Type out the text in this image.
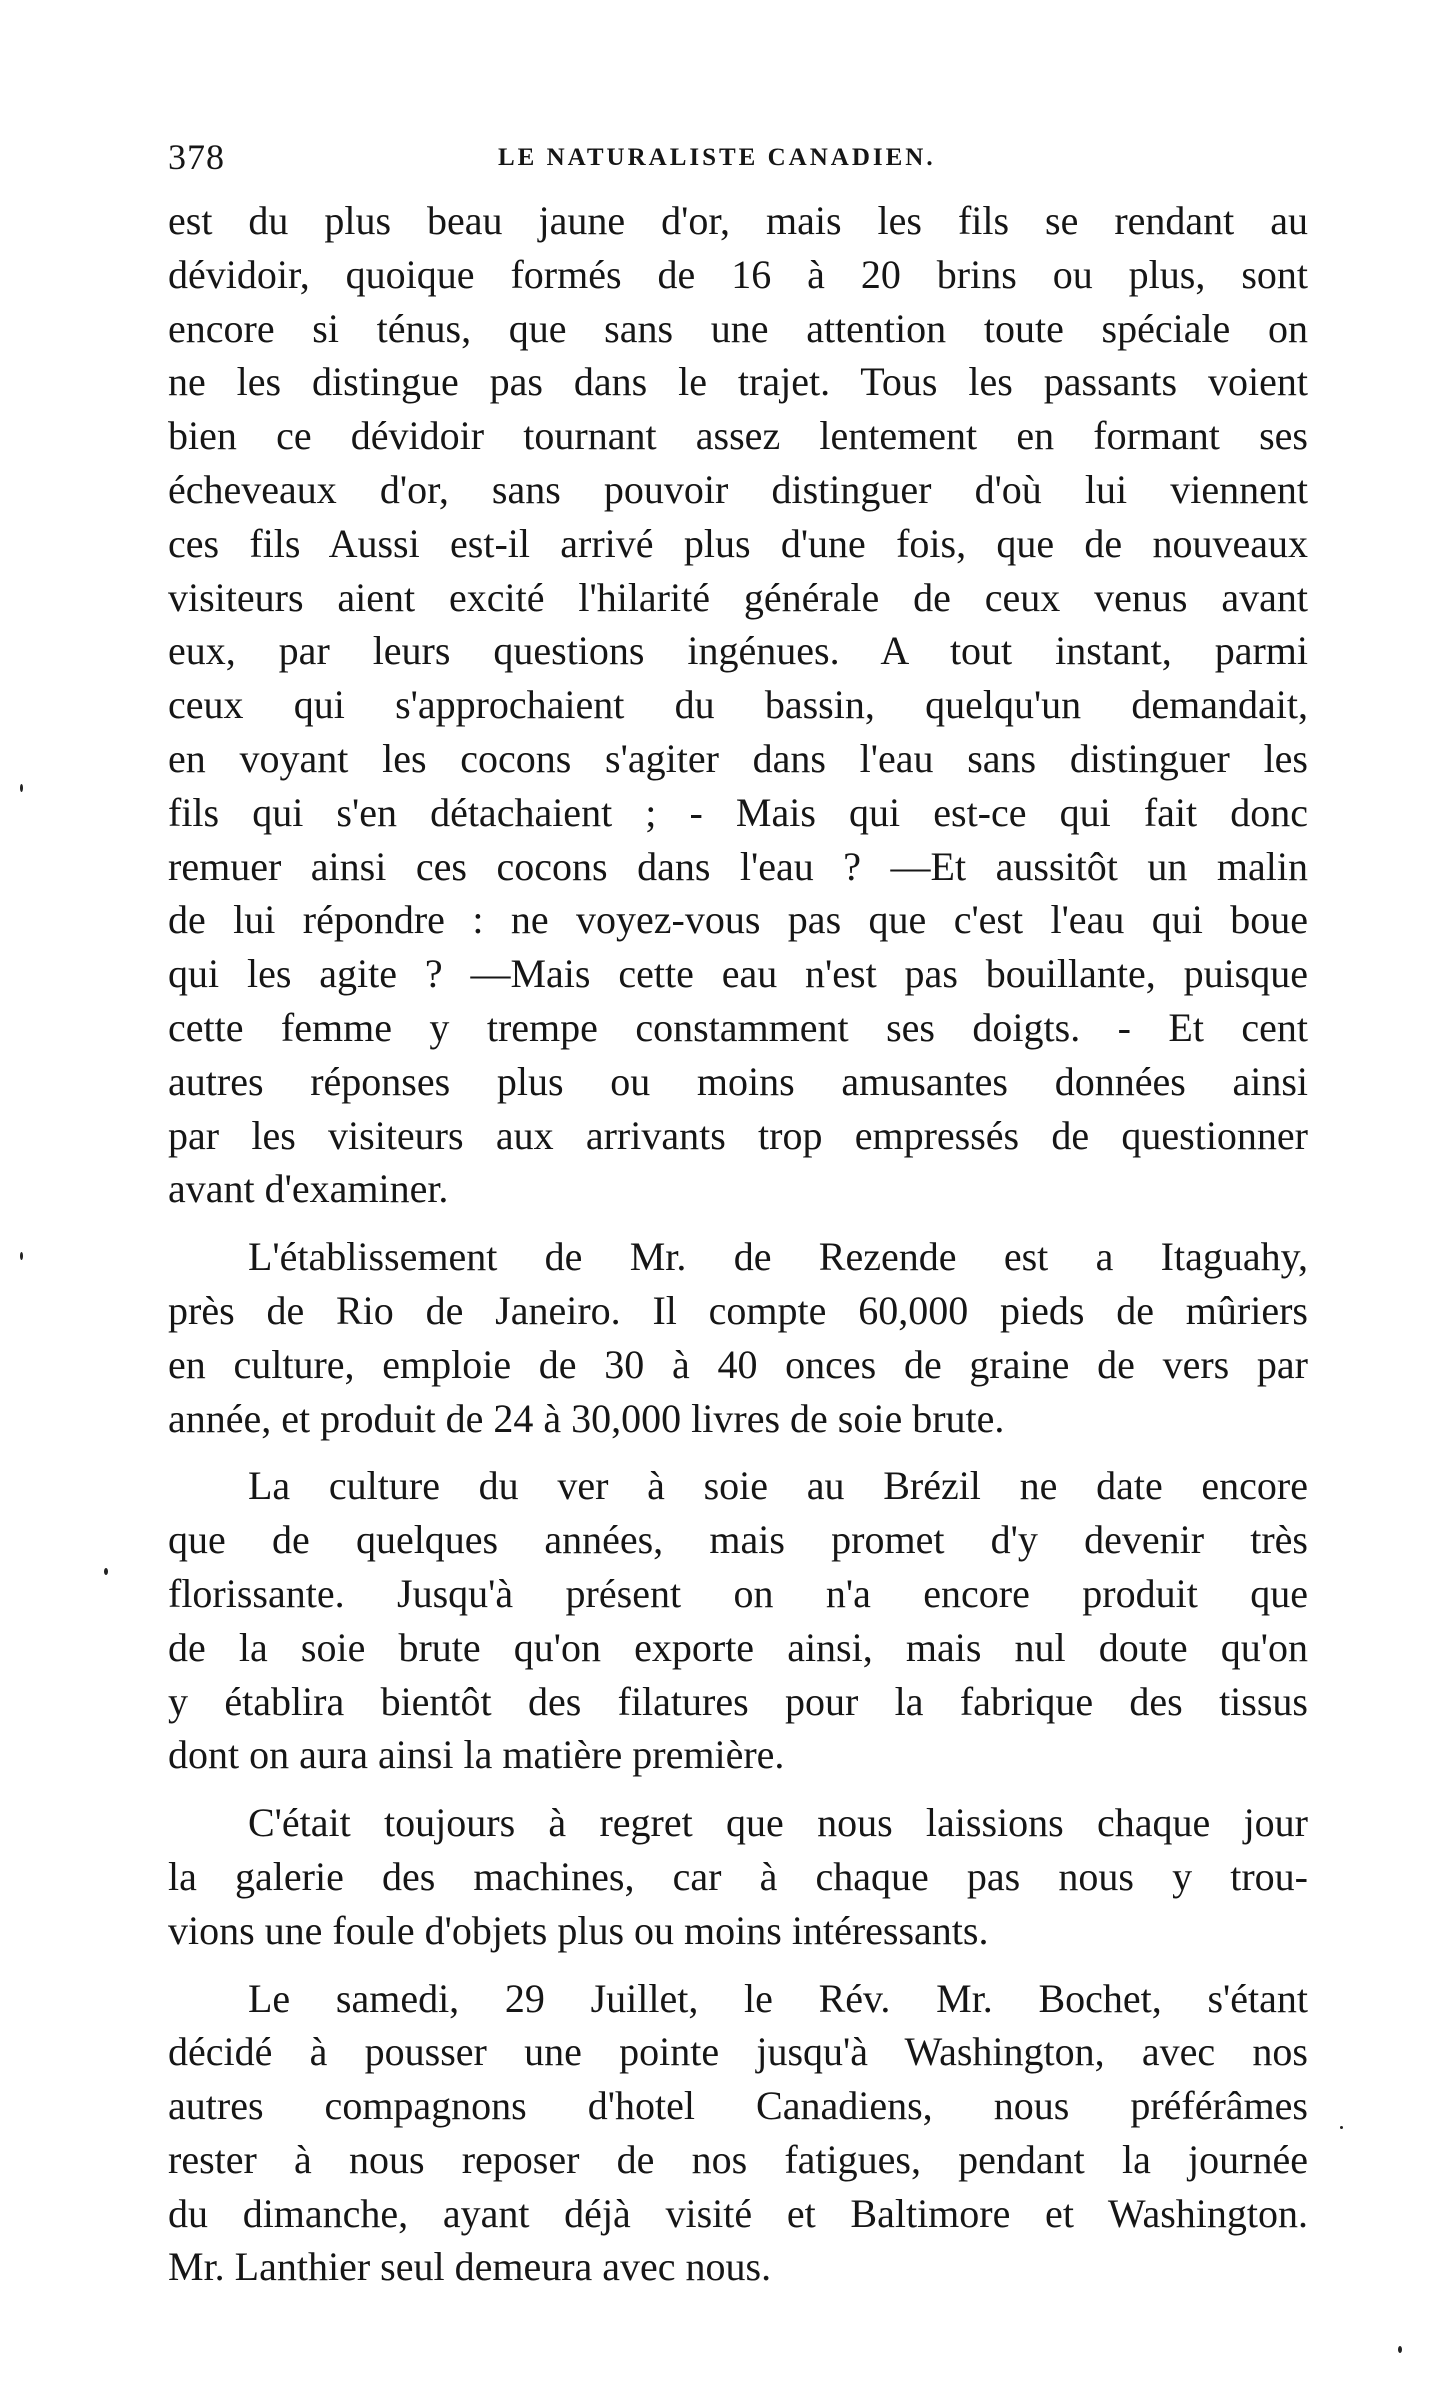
378	LE NATURALISTE CANADIEN.

est du plus beau jaune d'or, mais les fils se rendant au
dévidoir, quoique formés de 16 à 20 brins ou plus, sont
encore si ténus, que sans une attention toute spéciale on
ne les distingue pas dans le trajet. Tous les passants voient
bien ce dévidoir tournant assez lentement en formant ses
écheveaux d'or, sans pouvoir distinguer d'où lui viennent
ces fils Aussi est-il arrivé plus d'une fois, que de nouveaux
visiteurs aient excité l'hilarité générale de ceux venus avant
eux, par leurs questions ingénues. A tout instant, parmi
ceux qui s'approchaient du bassin, quelqu'un demandait,
en voyant les cocons s'agiter dans l'eau sans distinguer les
fils qui s'en détachaient ; - Mais qui est-ce qui fait donc
remuer ainsi ces cocons dans l'eau ? —Et aussitôt un malin
de lui répondre : ne voyez-vous pas que c'est l'eau qui boue
qui les agite ? —Mais cette eau n'est pas bouillante, puisque
cette femme y trempe constamment ses doigts. - Et cent
autres réponses plus ou moins amusantes données ainsi
par les visiteurs aux arrivants trop empressés de questionner
avant d'examiner.

L'établissement de Mr. de Rezende est a Itaguahy,
près de Rio de Janeiro. Il compte 60,000 pieds de mûriers
en culture, emploie de 30 à 40 onces de graine de vers par
année, et produit de 24 à 30,000 livres de soie brute.

La culture du ver à soie au Brézil ne date encore
que de quelques années, mais promet d'y devenir très
florissante. Jusqu'à présent on n'a encore produit que
de la soie brute qu'on exporte ainsi, mais nul doute qu'on
y établira bientôt des filatures pour la fabrique des tissus
dont on aura ainsi la matière première.

C'était toujours à regret que nous laissions chaque jour
la galerie des machines, car à chaque pas nous y trou-
vions une foule d'objets plus ou moins intéressants.

Le samedi, 29 Juillet, le Rév. Mr. Bochet, s'étant
décidé à pousser une pointe jusqu'à Washington, avec nos
autres compagnons d'hotel Canadiens, nous préférâmes
rester à nous reposer de nos fatigues, pendant la journée
du dimanche, ayant déjà visité et Baltimore et Washington.
Mr. Lanthier seul demeura avec nous.
